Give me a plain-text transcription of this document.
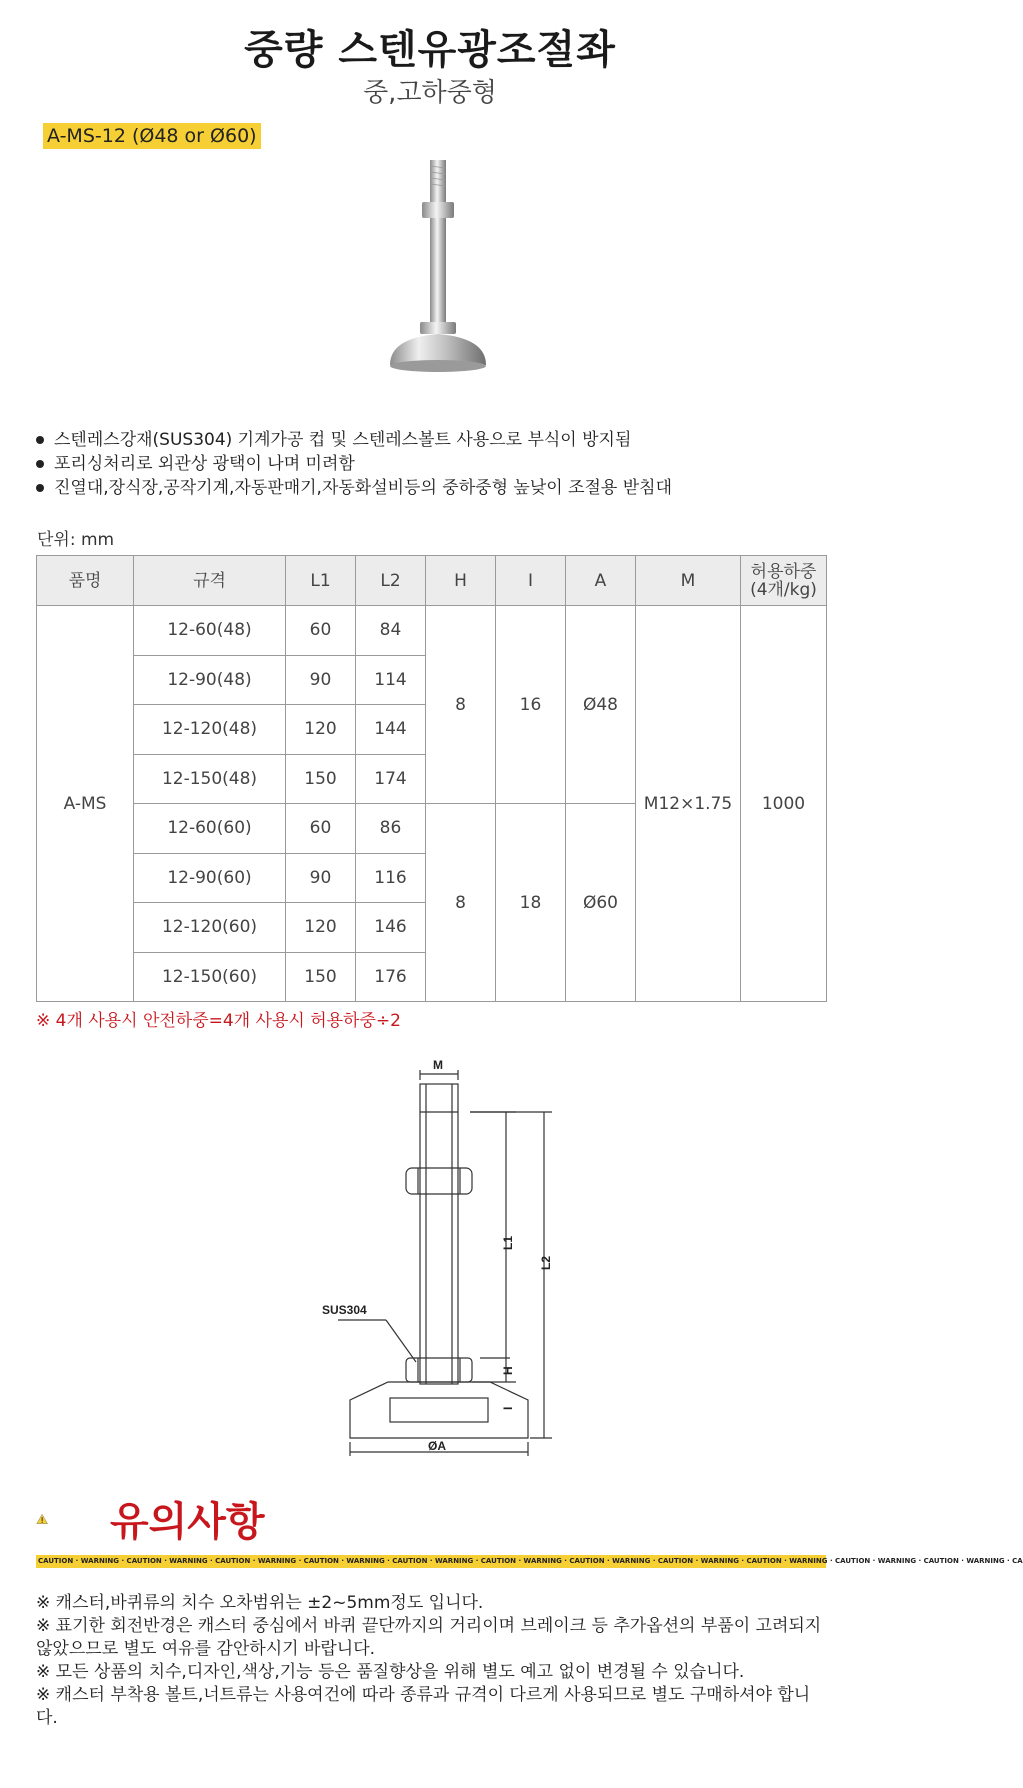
중량 스텐유광조절좌
중,고하중형
A-MS-12 (Ø48 or Ø60)
스텐레스강재(SUS304) 기계가공 컵 및 스텐레스볼트 사용으로 부식이 방지됨
포리싱처리로 외관상 광택이 나며 미려함
진열대,장식장,공작기계,자동판매기,자동화설비등의 중하중형 높낮이 조절용 받침대
단위: mm
품명	규격	L1	L2	H	I	A	M	허용하중
(4개/kg)
A-MS	12-60(48)	60	84	8	16	Ø48	M12×1.75	1000
	12-90(48)	90	114					
	12-120(48)	120	144					
	12-150(48)	150	174					
	12-60(60)	60	86	8	18	Ø60		
	12-90(60)	90	116					
	12-120(60)	120	146					
	12-150(60)	150	176					
※ 4개 사용시 안전하중=4개 사용시 허용하중÷2
M
L1
L2
H
I
ØA
SUS304
유의사항
CAUTION · WARNING · CAUTION · WARNING · CAUTION · WARNING · CAUTION · WARNING · CAUTION · WARNING · CAUTION · WARNING · CAUTION · WARNING · CAUTION · WARNING · CAUTION · WARNING · CAUTION · WARNING · CAUTION · WARNING · CA
※ 캐스터,바퀴류의 치수 오차범위는 ±2~5mm정도 입니다.
※ 표기한 회전반경은 캐스터 중심에서 바퀴 끝단까지의 거리이며 브레이크 등 추가옵션의 부품이 고려되지 않았으므로 별도 여유를 감안하시기 바랍니다.
※ 모든 상품의 치수,디자인,색상,기능 등은 품질향상을 위해 별도 예고 없이 변경될 수 있습니다.
※ 캐스터 부착용 볼트,너트류는 사용여건에 따라 종류과 규격이 다르게 사용되므로 별도 구매하셔야 합니다.
